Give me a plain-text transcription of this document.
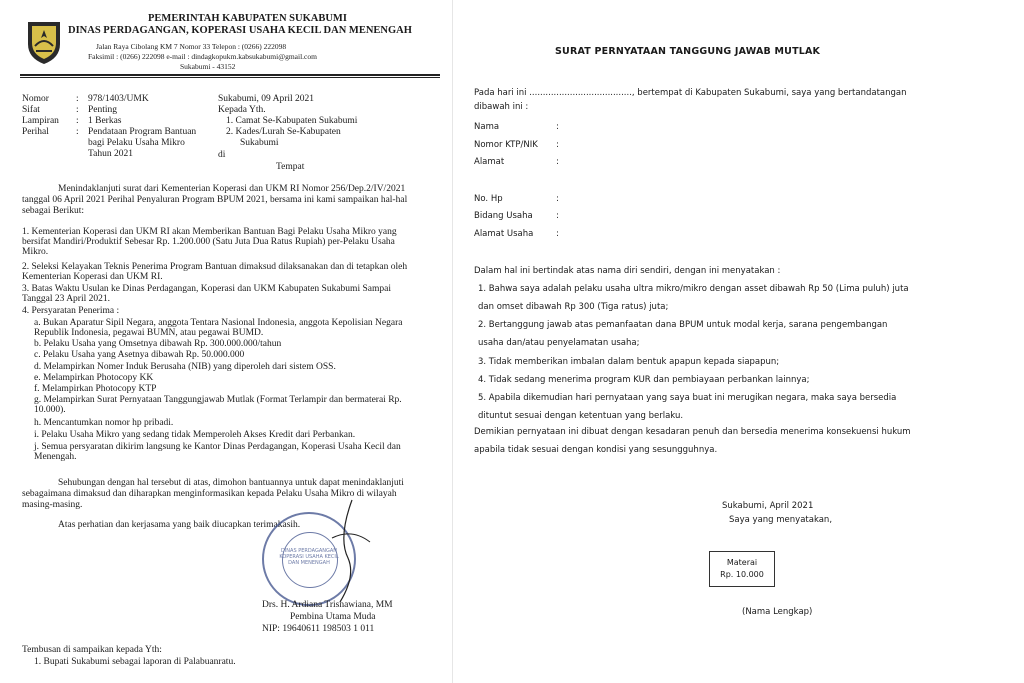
PEMERINTAH KABUPATEN SUKABUMI
DINAS PERDAGANGAN, KOPERASI USAHA KECIL DAN MENENGAH
Jalan Raya Cibolang KM 7 Nomor 33 Telepon : (0266) 222098
Faksimil : (0266) 222098 e-mail : dindagkopukm.kabsukabumi@gmail.com
Sukabumi - 43152
Nomor	: 978/1403/UMK
Sifat	: Penting
Lampiran : 1 Berkas
Perihal	: Pendataan Program Bantuan
bagi Pelaku Usaha Mikro
Tahun 2021
Sukabumi, 09 April 2021
Kepada Yth.
1. Camat Se-Kabupaten Sukabumi
2. Kades/Lurah Se-Kabupaten
Sukabumi
di
Tempat
Menindaklanjuti surat dari Kementerian Koperasi dan UKM RI Nomor 256/Dep.2/IV/2021
tanggal 06 April 2021 Perihal Penyaluran Program BPUM 2021, bersama ini kami sampaikan hal-hal
sebagai Berikut:
1. Kementerian Koperasi dan UKM RI akan Memberikan Bantuan Bagi Pelaku Usaha Mikro yang
bersifat Mandiri/Produktif Sebesar Rp. 1.200.000 (Satu Juta Dua Ratus Rupiah) per-Pelaku Usaha
Mikro.
2. Seleksi Kelayakan Teknis Penerima Program Bantuan dimaksud dilaksanakan dan di tetapkan oleh
Kementerian Koperasi dan UKM RI.
3. Batas Waktu Usulan ke Dinas Perdagangan, Koperasi dan UKM Kabupaten Sukabumi Sampai
Tanggal 23 April 2021.
4. Persyaratan Penerima :
a. Bukan Aparatur Sipil Negara, anggota Tentara Nasional Indonesia, anggota Kepolisian Negara
Republik Indonesia, pegawai BUMN, atau pegawai BUMD.
b. Pelaku Usaha yang Omsetnya dibawah Rp. 300.000.000/tahun
c. Pelaku Usaha yang Asetnya dibawah Rp. 50.000.000
d. Melampirkan Nomer Induk Berusaha (NIB) yang diperoleh dari sistem OSS.
e. Melampirkan Photocopy KK
f. Melampirkan Photocopy KTP
g. Melampirkan Surat Pernyataan Tanggungjawab Mutlak (Format Terlampir dan bermaterai Rp.
10.000).
h. Mencantumkan nomor hp pribadi.
i. Pelaku Usaha Mikro yang sedang tidak Memperoleh Akses Kredit dari Perbankan.
j. Semua persyaratan dikirim langsung ke Kantor Dinas Perdagangan, Koperasi Usaha Kecil dan
Menengah.
Sehubungan dengan hal tersebut di atas, dimohon bantuannya untuk dapat menindaklanjuti
sebagaimana dimaksud dan diharapkan menginformasikan kepada Pelaku Usaha Mikro di wilayah
masing-masing.
Atas perhatian dan kerjasama yang baik diucapkan terimakasih.
DINAS PERDAGANGAN
KOPERASI USAHA KECIL
DAN MENENGAH
Drs. H. Ardiana Trisnawiana, MM
Pembina Utama Muda
NIP: 19640611 198503 1 011
Tembusan di sampaikan kepada Yth:
1. Bupati Sukabumi sebagai laporan di Palabuanratu.
SURAT PERNYATAAN TANGGUNG JAWAB MUTLAK
Pada hari ini ......................................, bertempat di Kabupaten Sukabumi, saya yang bertandatangan
dibawah ini :
Nama	:
Nomor KTP/NIK :
Alamat	:
No. Hp	:
Bidang Usaha	:
Alamat Usaha	:
Dalam hal ini bertindak atas nama diri sendiri, dengan ini menyatakan :
1. Bahwa saya adalah pelaku usaha ultra mikro/mikro dengan asset dibawah Rp 50 (Lima puluh) juta
dan omset dibawah Rp 300 (Tiga ratus) juta;
2. Bertanggung jawab atas pemanfaatan dana BPUM untuk modal kerja, sarana pengembangan
usaha dan/atau penyelamatan usaha;
3. Tidak memberikan imbalan dalam bentuk apapun kepada siapapun;
4. Tidak sedang menerima program KUR dan pembiayaan perbankan lainnya;
5. Apabila dikemudian hari pernyataan yang saya buat ini merugikan negara, maka saya bersedia
dituntut sesuai dengan ketentuan yang berlaku.
Demikian pernyataan ini dibuat dengan kesadaran penuh dan bersedia menerima konsekuensi hukum
apabila tidak sesuai dengan kondisi yang sesungguhnya.
Sukabumi, April 2021
Saya yang menyatakan,
Materai
Rp. 10.000
(Nama Lengkap)
